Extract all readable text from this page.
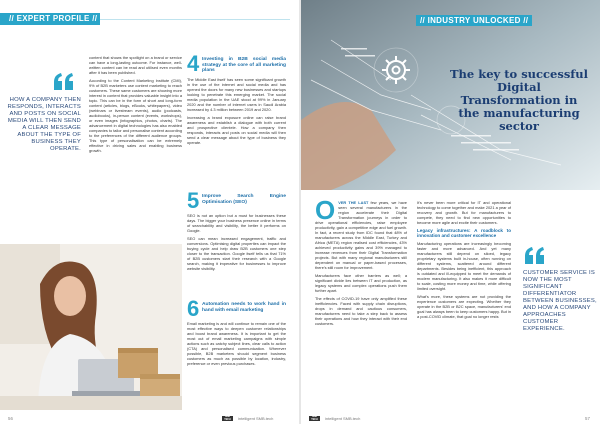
// EXPERT PROFILE //
HOW A COMPANY THEN RESPONDS, INTERACTS AND POSTS ON SOCIAL MEDIA WILL THEN SEND A CLEAR MESSAGE ABOUT THE TYPE OF BUSINESS THEY OPERATE.

content that shows the spotlight on a brand or service can have a long-lasting outcome. For instance, well-written content can be read and utilised even months after it has been published.

According to the Content Marketing Institute (CMI), 9% of B2B marketers use content marketing to reach customers. These same customers are showing more interest in content that provides valuable insight into a topic. This can be in the form of short and long-form content (articles, blogs, eBooks, whitepapers), video (webinars or livestream events), audio (podcasts, audiobooks), in-person content (events, workshops), or even images (infographics, photos, charts). The advancement in digital technologies has also enabled companies to tailor and personalise content according to the preferences of the different audience groups. This type of personalisation can be extremely effective in driving sales and enabling business growth.

4 Investing in B2B social media strategy at the core of all marketing plans

The Middle East itself has seen some significant growth in the use of the internet and social media and has opened the doors for many new businesses and startups looking to penetrate this emerging market. The social media population in the UAE stood at 99% in January 2020 and the number of internet users in Saudi Arabia increased by 4.3 million between 2019 and 2020.

Increasing a brand exposure online can raise brand awareness and establish a dialogue with both current and prospective clientele. How a company then responds, interacts and posts on social media will then send a clear message about the type of business they operate.

5 Improve Search Engine Optimisation (SEO)

SEO is not an option but a must for businesses these days. The bigger your business presence online in terms of searchability and visibility, the better it performs on Google.

SEO can mean increased engagement, traffic and conversions. Optimising digital properties can impact the buying cycle and help draw B2B customers one step closer to the transaction. Google itself tells us that 71% of B2B customers start their research with a Google search, making it imperative for businesses to improve website visibility.

6 Automation needs to work hand in hand with email marketing

Email marketing is and will continue to remain one of the most effective ways to deepen customer relationships and boost brand awareness. It is important to get the most out of email marketing campaigns with simple actions such as catchy subject lines, clear calls to action (CTA) and personalised communication. Wherever possible, B2B marketers should segment business customers as much as possible by location, industry, preference or even previous purchases.

56	SMB TECH	intelligent SMB.tech
// INDUSTRY UNLOCKED //
The key to successful Digital Transformation in the manufacturing sector

OVER THE LAST few years, we have seen several manufacturers in the region accelerate their Digital Transformation journeys in order to drive operational efficiencies, raise employee productivity, gain a competitive edge and fuel growth. In fact, a recent study from IDC found that 48% of manufacturers across the Middle East, Turkey and Africa (META) region realised cost efficiencies, 43% achieved productivity gains and 39% managed to increase revenues from their Digital Transformation projects. But with many regional manufacturers still dependent on manual or paper-based processes, there's still room for improvement.

Manufacturers face other barriers as well; a significant divide lies between IT and production, as legacy systems and complex operations push them further apart.

The effects of COVID-19 have only amplified these inefficiencies. Faced with supply chain disruptions, drops in demand and cautious consumers, manufacturers need to take a step back to assess their operations and how they interact with their end customers.

It's never been more critical for IT and operational technology to come together and make 2021 a year of recovery and growth. But for manufacturers to compete, they need to find new opportunities to become more agile and excite their customers.

Legacy infrastructures: A roadblock to innovation and customer excellence

Manufacturing operations are increasingly becoming faster and more advanced. And yet many manufacturers still depend on siloed, legacy proprietary systems built in-house, often running on different systems, scattered around different departments. Besides being inefficient, this approach is outdated and ill-equipped to meet the demands of modern manufacturing. It also makes it more difficult to scale, costing more money and time, while offering limited oversight.

What's more, these systems are not providing the experience customers are expecting. Whether they operate in the B2B or B2C space, manufacturers' end goal has always been to keep customers happy. But in a post-COVID climate, that goal no longer rests

CUSTOMER SERVICE IS NOW THE MOST SIGNIFICANT DIFFERENTIATOR BETWEEN BUSINESSES, AND HOW A COMPANY APPROACHES CUSTOMER EXPERIENCE.
SMB TECH	intelligent SMB.tech	57
